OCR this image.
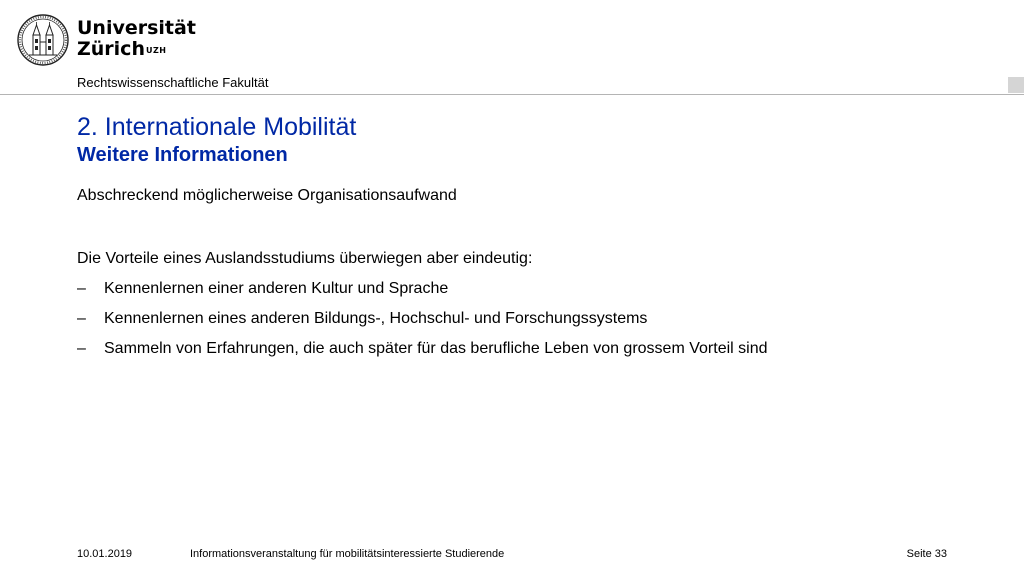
Universität
Zürich$^{UZH}$
Rechtswissenschaftliche Fakultät
2. Internationale Mobilität
Weitere Informationen
Abschreckend möglicherweise Organisationsaufwand
Die Vorteile eines Auslandsstudiums überwiegen aber eindeutig:
–	Kennenlernen einer anderen Kultur und Sprache
–	Kennenlernen eines anderen Bildungs-, Hochschul- und Forschungssystems
–	Sammeln von Erfahrungen, die auch später für das berufliche Leben von grossem Vorteil sind
10.01.2019	Informationsveranstaltung für mobilitätsinteressierte Studierende	Seite 33
